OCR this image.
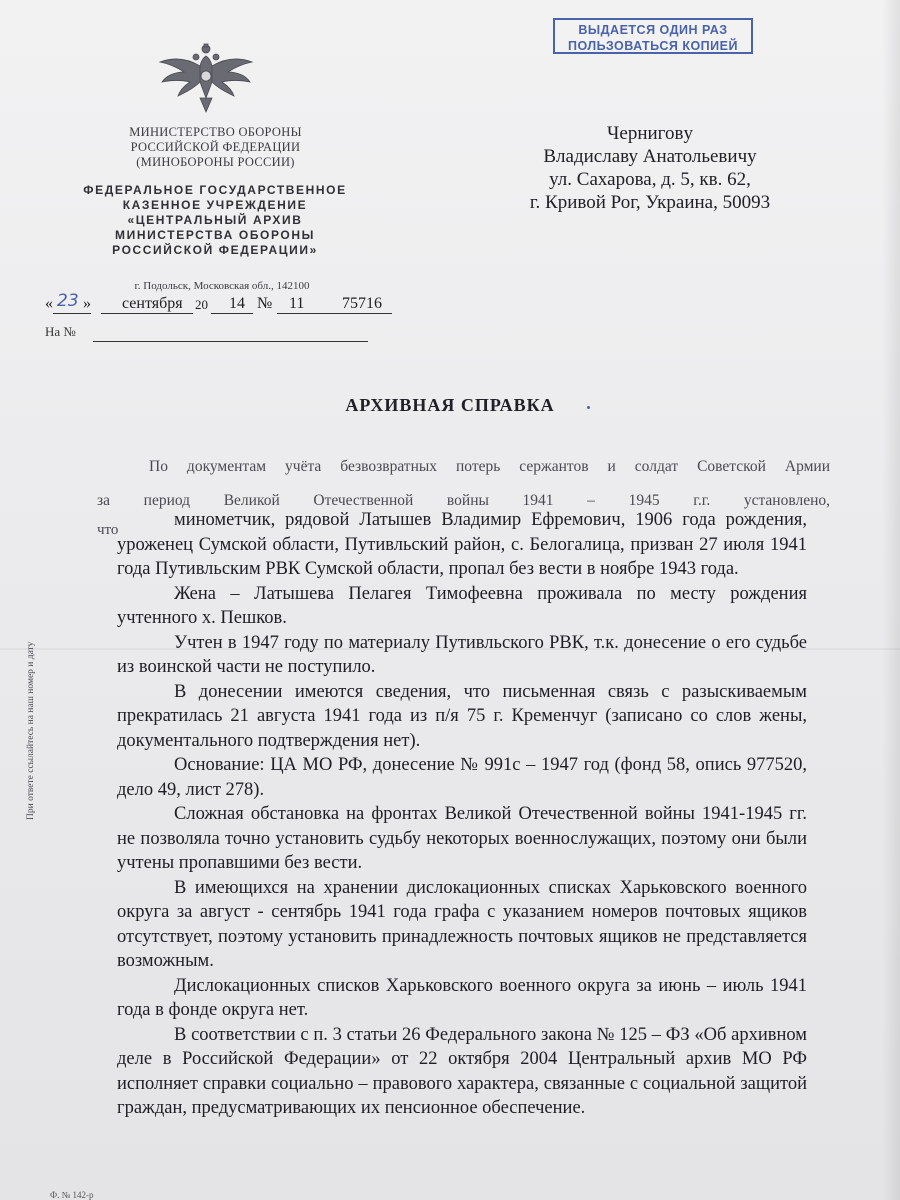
ВЫДАЕТСЯ ОДИН РАЗ
ПОЛЬЗОВАТЬСЯ КОПИЕЙ
МИНИСТЕРСТВО ОБОРОНЫ
РОССИЙСКОЙ ФЕДЕРАЦИИ
(МИНОБОРОНЫ РОССИИ)
ФЕДЕРАЛЬНОЕ ГОСУДАРСТВЕННОЕ
КАЗЕННОЕ УЧРЕЖДЕНИЕ
«ЦЕНТРАЛЬНЫЙ АРХИВ
МИНИСТЕРСТВА ОБОРОНЫ
РОССИЙСКОЙ ФЕДЕРАЦИИ»
г. Подольск, Московская обл., 142100
« 23 » сентября 20 14 № 11 75716
На №
Черниговy
Владиславу Анатольевичу
ул. Сахарова, д. 5, кв. 62,
г. Кривой Рог, Украина, 50093
АРХИВНАЯ СПРАВКА
По документам учёта безвозвратных потерь сержантов и солдат Советской Армии
за период Великой Отечественной войны 1941 – 1945 г.г. установлено,
что	минометчик, рядовой Латышев Владимир Ефремович, 1906 года рождения, уроженец Сумской области, Путивльский район, с. Белогалица, призван 27 июля 1941 года Путивльским РВК Сумской области, пропал без вести в ноябре 1943 года.

Жена – Латышева Пелагея Тимофеевна проживала по месту рождения учтенного х. Пешков.

Учтен в 1947 году по материалу Путивльского РВК, т.к. донесение о его судьбе из воинской части не поступило.

В донесении имеются сведения, что письменная связь с разыскиваемым прекратилась 21 августа 1941 года из п/я 75 г. Кременчуг (записано со слов жены, документального подтверждения нет).

Основание: ЦА МО РФ, донесение № 991с – 1947 год (фонд 58, опись 977520, дело 49, лист 278).

Сложная обстановка на фронтах Великой Отечественной войны 1941-1945 гг. не позволяла точно установить судьбу некоторых военнослужащих, поэтому они были учтены пропавшими без вести.

В имеющихся на хранении дислокационных списках Харьковского военного округа за август - сентябрь 1941 года графа с указанием номеров почтовых ящиков отсутствует, поэтому установить принадлежность почтовых ящиков не представляется возможным.

Дислокационных списков Харьковского военного округа за июнь – июль 1941 года в фонде округа нет.

В соответствии с п. 3 статьи 26 Федерального закона № 125 – ФЗ «Об архивном деле в Российской Федерации» от 22 октября 2004 Центральный архив МО РФ исполняет справки социально – правового характера, связанные с социальной защитой граждан, предусматривающих их пенсионное обеспечение.

При ответе ссылайтесь на наш номер и дату
Ф. № 142-р
